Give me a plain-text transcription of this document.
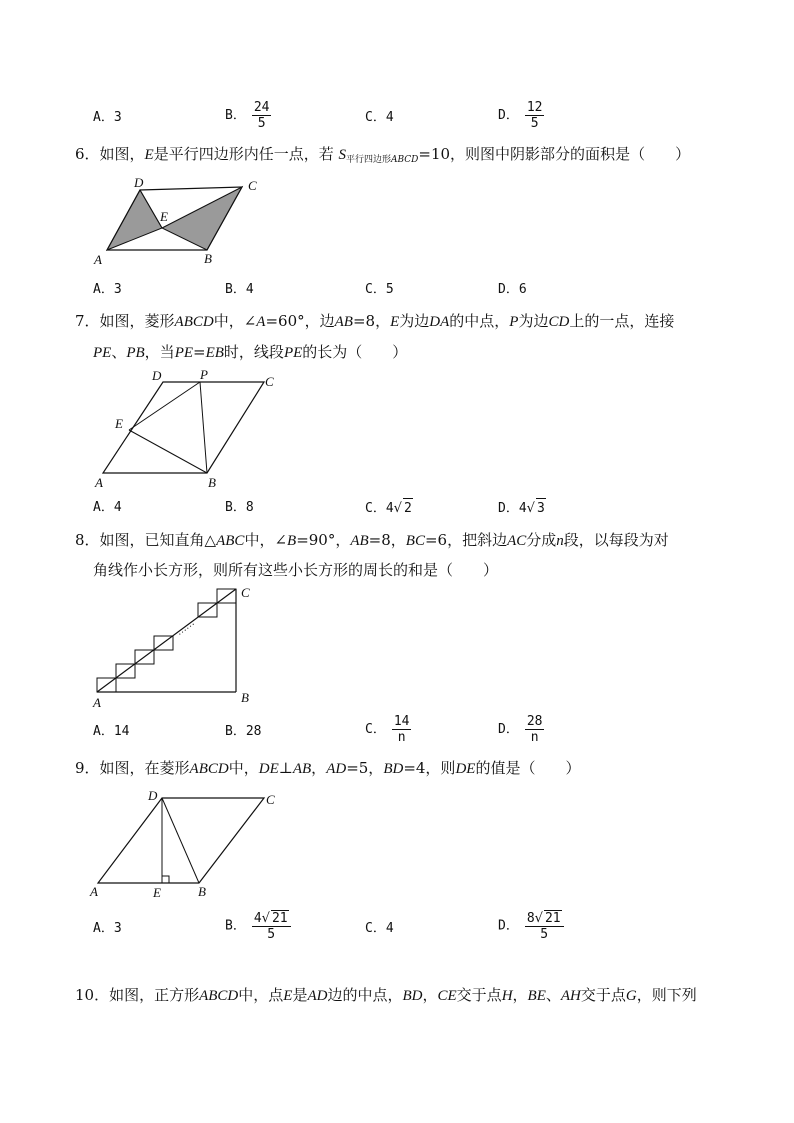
A．3	B． $\frac{24}{5}$	C．4	D． $\frac{12}{5}$
6．如图，E是平行四边形内任一点，若 $S_{平行四边形ABCD}=10$，则图中阴影部分的面积是（　　）
D	C
E
A	B
A．3	B．4	C．5	D．6
7．如图，菱形ABCD中，∠A=60°，边AB=8，E为边DA的中点，P为边CD上的一点，连接
PE、PB，当PE=EB时，线段PE的长为（　　）
D	P	C
E
A	B
A．4	B．8	C．4√ 2	D．4√ 3
8．如图，已知直角△ABC中，∠B=90°，AB=8，BC=6，把斜边AC分成n段，以每段为对
角线作小长方形，则所有这些小长方形的周长的和是（　　）
……
C
A	B
A．14	B．28	C． $\frac{14}{n}$	D． $\frac{28}{n}$
9．如图，在菱形ABCD中，DE⊥AB，AD=5，BD=4，则DE的值是（　　）
D	C
A	E	B
A．3	B． $\frac{4√ 21}{5}$	C．4	D． $\frac{8√ 21}{5}$
10．如图，正方形ABCD中，点E是AD边的中点，BD，CE交于点H，BE、AH交于点G，则下列
